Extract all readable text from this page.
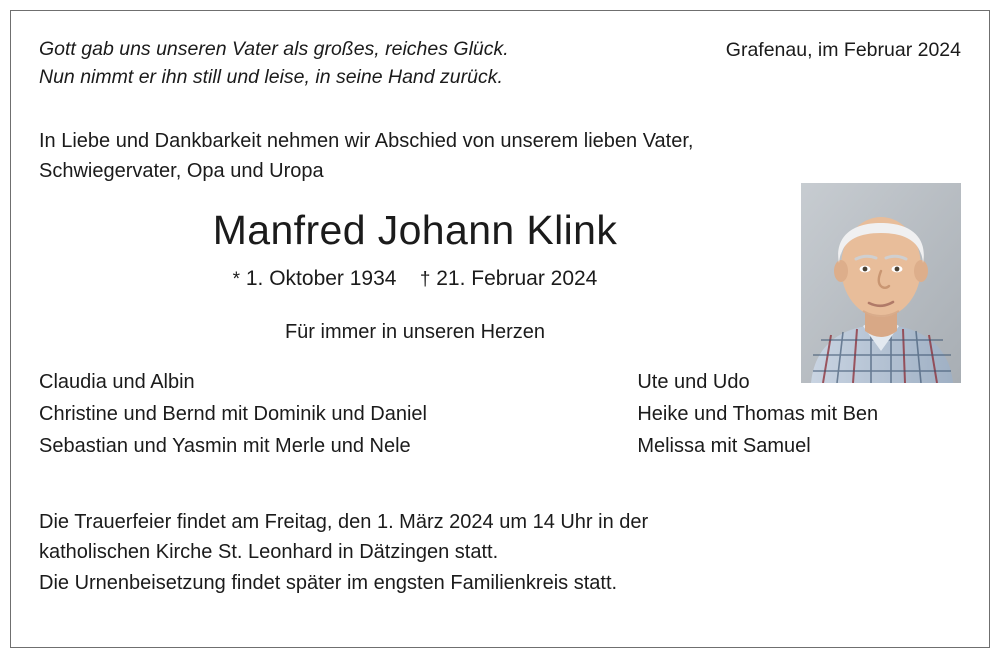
Gott gab uns unseren Vater als großes, reiches Glück.
Nun nimmt er ihn still und leise, in seine Hand zurück.
Grafenau, im Februar 2024
In Liebe und Dankbarkeit nehmen wir Abschied von unserem lieben Vater,
Schwiegervater, Opa und Uropa
Manfred Johann Klink
* 1. Oktober 1934 † 21. Februar 2024
Für immer in unseren Herzen
Claudia und Albin
Christine und Bernd mit Dominik und Daniel
Sebastian und Yasmin mit Merle und Nele
Ute und Udo
Heike und Thomas mit Ben
Melissa mit Samuel
Die Trauerfeier findet am Freitag, den 1. März 2024 um 14 Uhr in der
katholischen Kirche St. Leonhard in Dätzingen statt.
Die Urnenbeisetzung findet später im engsten Familienkreis statt.
